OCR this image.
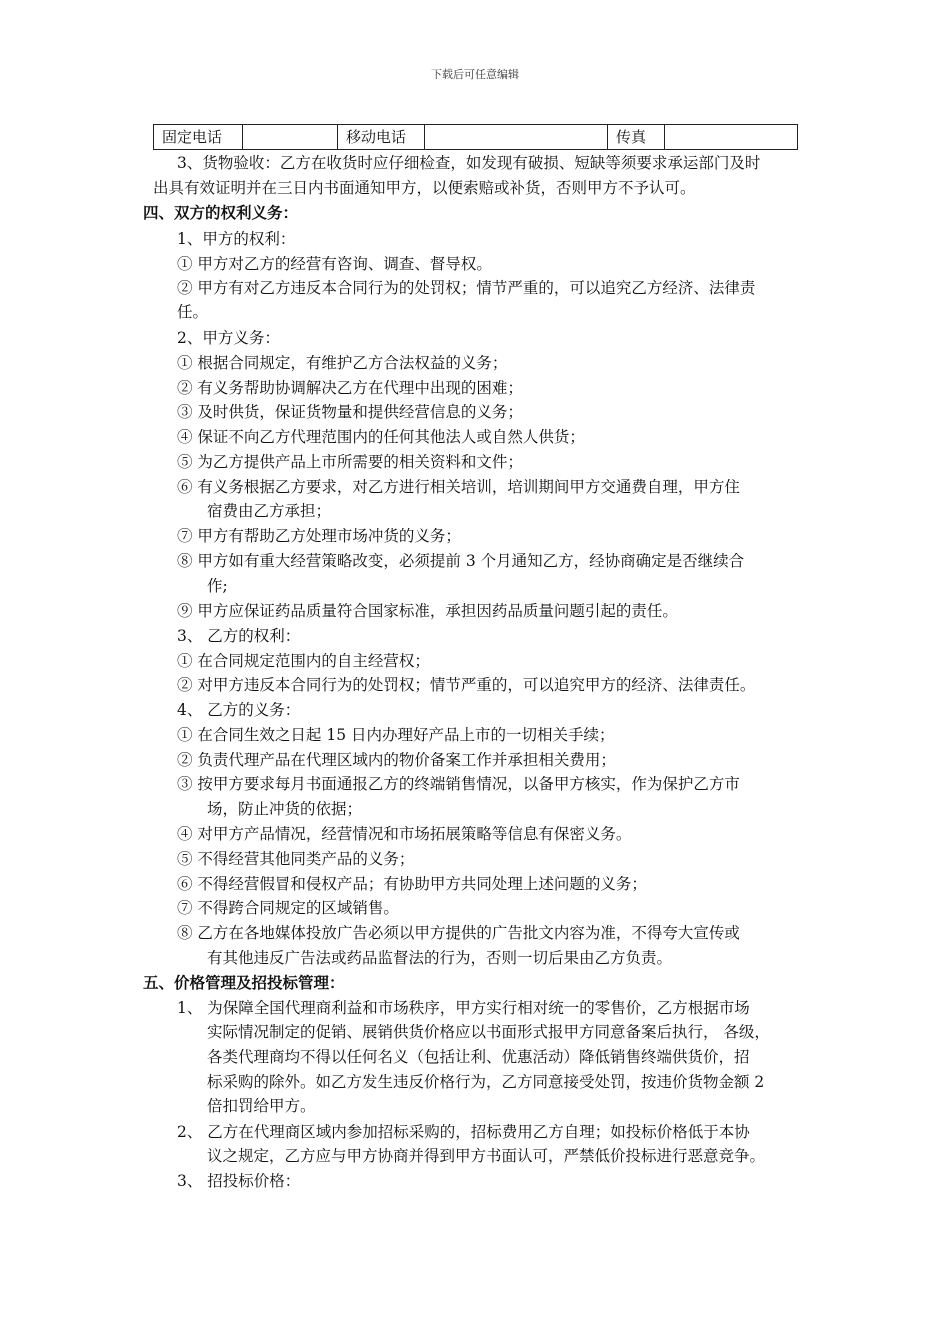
下载后可任意编辑
固定电话		移动电话		传真	
3、货物验收：乙方在收货时应仔细检查，如发现有破损、短缺等须要求承运部门及时
出具有效证明并在三日内书面通知甲方，以便索赔或补货，否则甲方不予认可。
四、双方的权利义务：
1、甲方的权利：
① 甲方对乙方的经营有咨询、调查、督导权。
② 甲方有对乙方违反本合同行为的处罚权；情节严重的，可以追究乙方经济、法律责
任。
2、甲方义务：
① 根据合同规定，有维护乙方合法权益的义务；
② 有义务帮助协调解决乙方在代理中出现的困难；
③ 及时供货，保证货物量和提供经营信息的义务；
④ 保证不向乙方代理范围内的任何其他法人或自然人供货；
⑤ 为乙方提供产品上市所需要的相关资料和文件；
⑥ 有义务根据乙方要求，对乙方进行相关培训，培训期间甲方交通费自理，甲方住
宿费由乙方承担；
⑦ 甲方有帮助乙方处理市场冲货的义务；
⑧ 甲方如有重大经营策略改变，必须提前 3 个月通知乙方，经协商确定是否继续合
作;
⑨ 甲方应保证药品质量符合国家标准，承担因药品质量问题引起的责任。
3、 乙方的权利：
① 在合同规定范围内的自主经营权；
② 对甲方违反本合同行为的处罚权；情节严重的，可以追究甲方的经济、法律责任。
4、 乙方的义务：
① 在合同生效之日起 15 日内办理好产品上市的一切相关手续；
② 负责代理产品在代理区域内的物价备案工作并承担相关费用；
③ 按甲方要求每月书面通报乙方的终端销售情况，以备甲方核实，作为保护乙方市
场，防止冲货的依据；
④ 对甲方产品情况，经营情况和市场拓展策略等信息有保密义务。
⑤ 不得经营其他同类产品的义务；
⑥ 不得经营假冒和侵权产品；有协助甲方共同处理上述问题的义务；
⑦ 不得跨合同规定的区域销售。
⑧ 乙方在各地媒体投放广告必须以甲方提供的广告批文内容为准，不得夸大宣传或
有其他违反广告法或药品监督法的行为，否则一切后果由乙方负责。
五、价格管理及招投标管理：
1、 为保障全国代理商利益和市场秩序，甲方实行相对统一的零售价，乙方根据市场
实际情况制定的促销、展销供货价格应以书面形式报甲方同意备案后执行， 各级，
各类代理商均不得以任何名义（包括让利、优惠活动）降低销售终端供货价，招
标采购的除外。如乙方发生违反价格行为，乙方同意接受处罚，按违价货物金额 2
倍扣罚给甲方。
2、 乙方在代理商区域内参加招标采购的，招标费用乙方自理；如投标价格低于本协
议之规定，乙方应与甲方协商并得到甲方书面认可，严禁低价投标进行恶意竞争。
3、 招投标价格：
